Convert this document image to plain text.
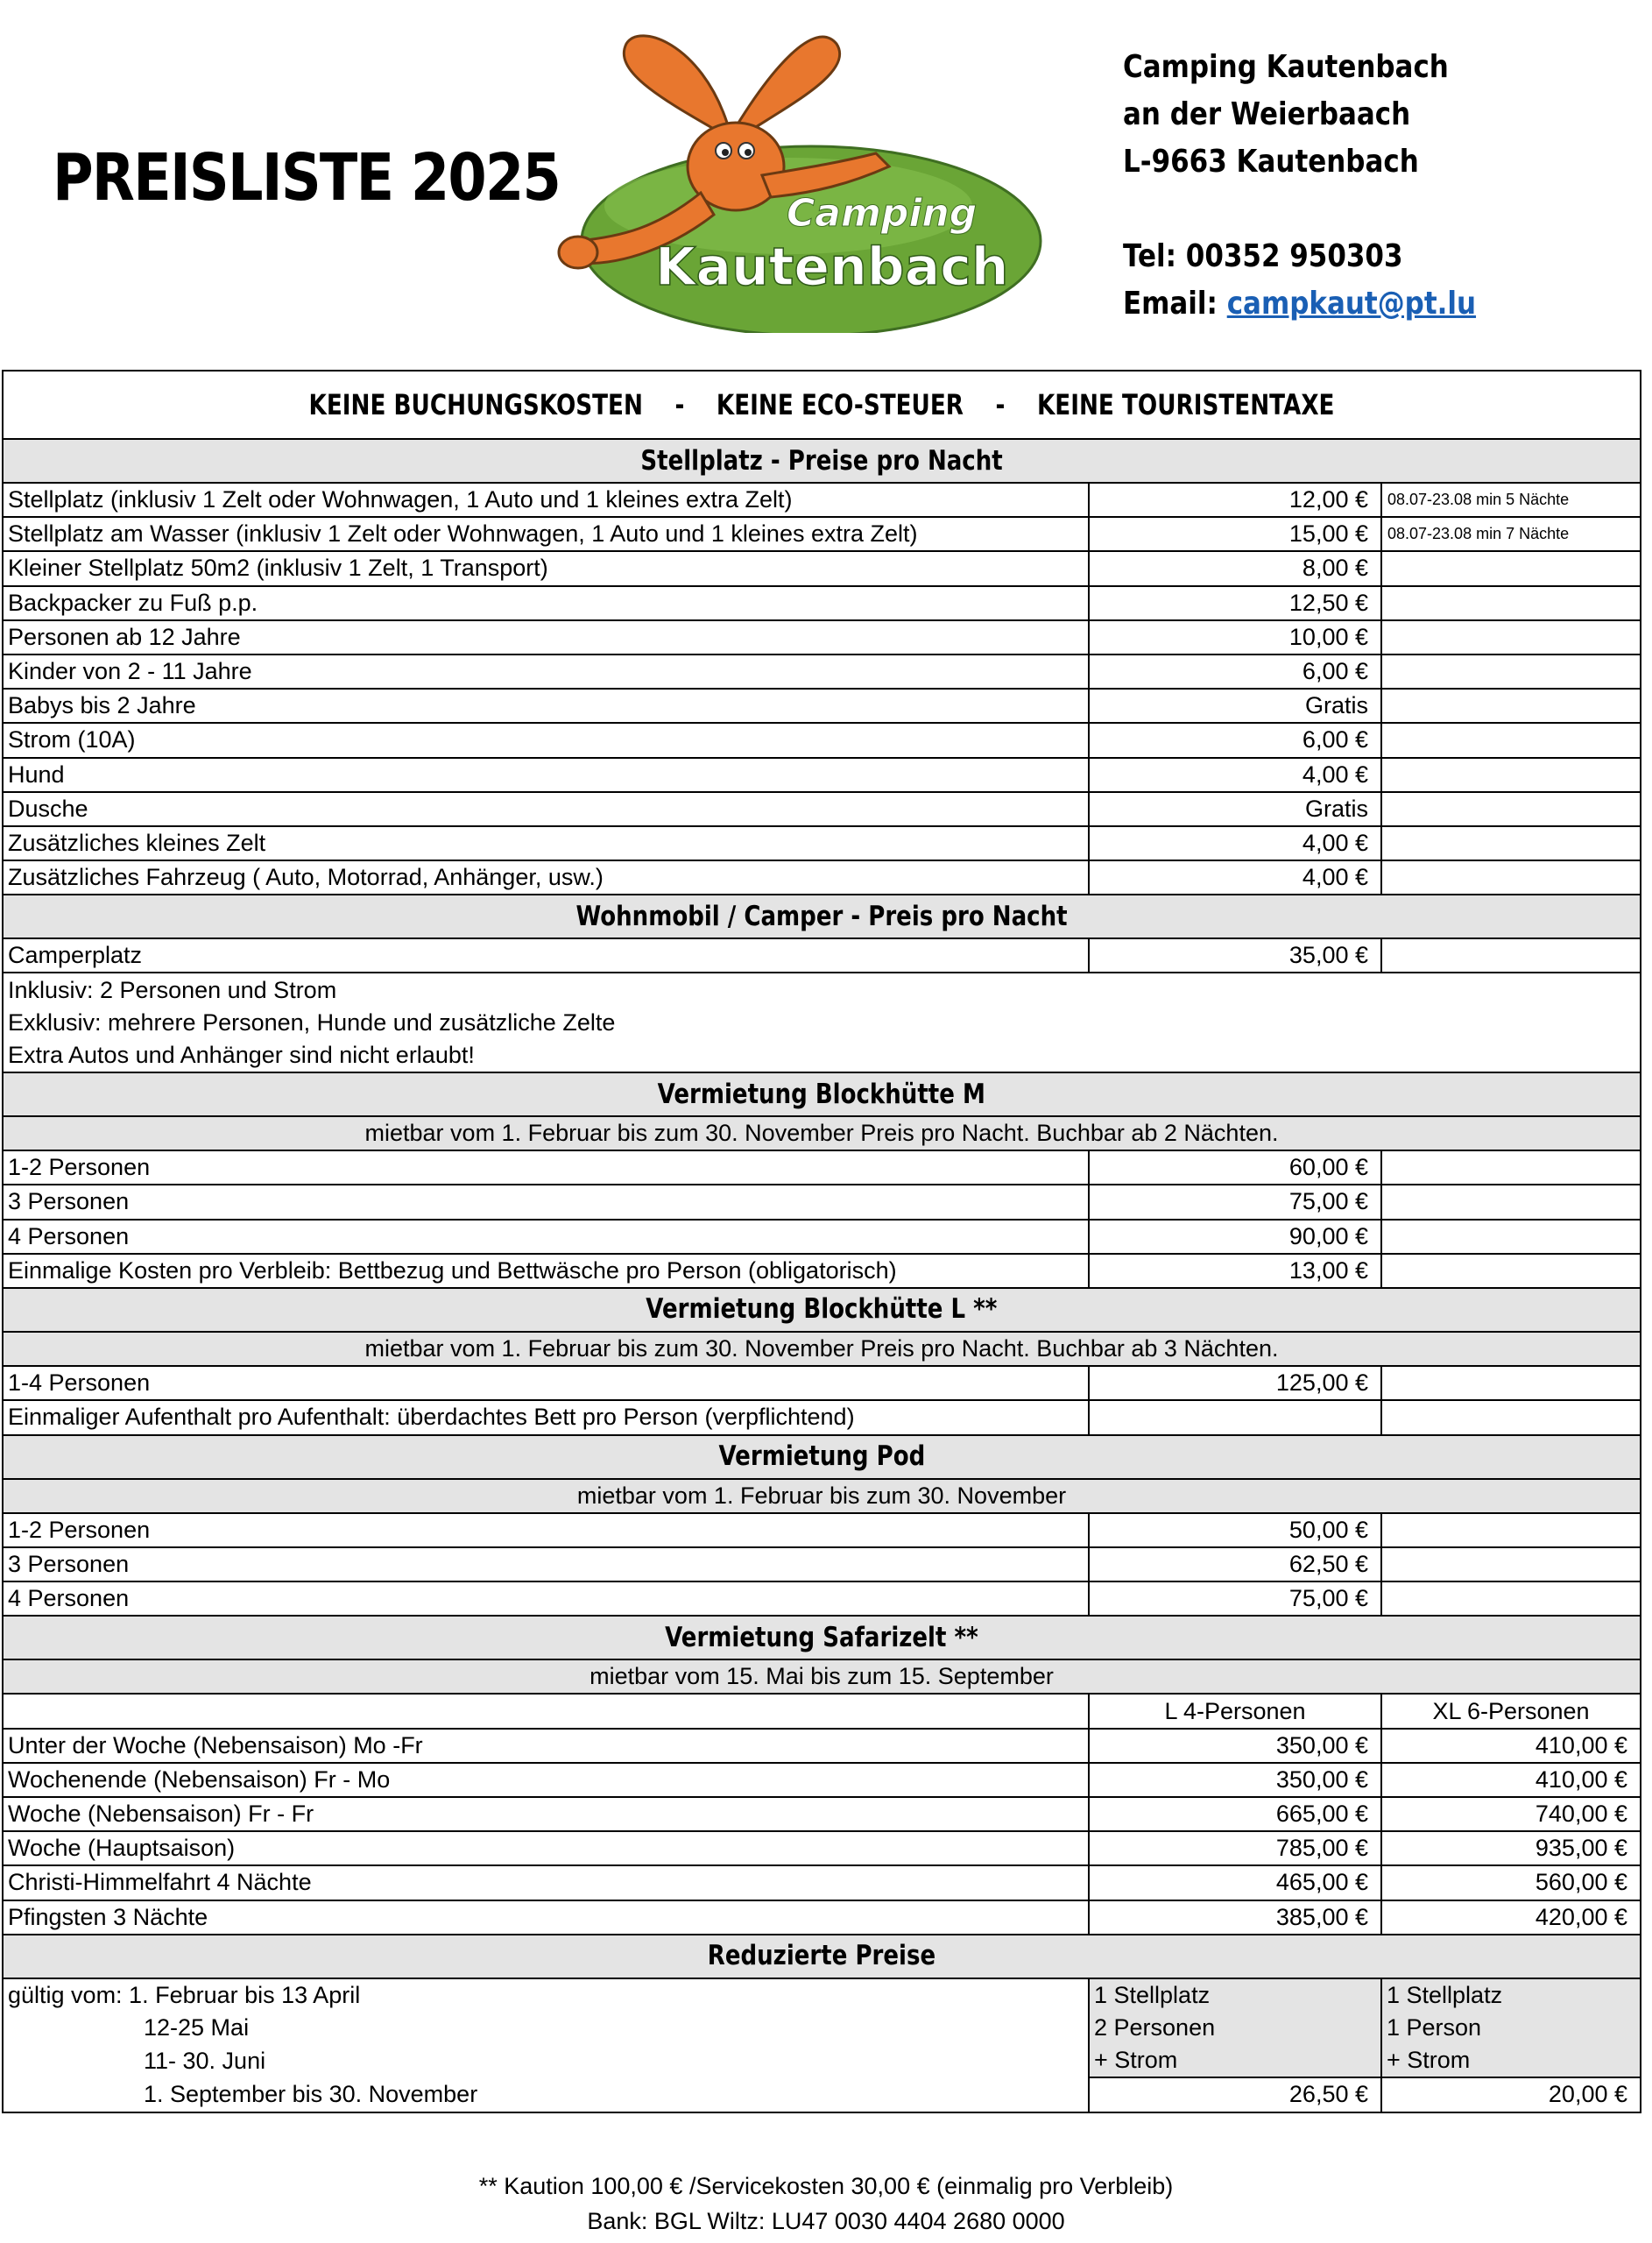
PREISLISTE 2025	Camping
Kautenbach
Camping Kautenbach
an der Weierbaach
L-9663 Kautenbach
Tel: 00352 950303
Email: campkaut@pt.lu
KEINE BUCHUNGSKOSTEN    -    KEINE ECO-STEUER    -    KEINE TOURISTENTAXE		
Stellplatz - Preise pro Nacht		
Stellplatz (inklusiv 1 Zelt oder Wohnwagen, 1 Auto und 1 kleines extra Zelt)	12,00 €	08.07-23.08 min 5 Nächte
Stellplatz am Wasser (inklusiv 1 Zelt oder Wohnwagen, 1 Auto und 1 kleines extra Zelt)	15,00 €	08.07-23.08 min 7 Nächte
Kleiner Stellplatz 50m2 (inklusiv 1 Zelt, 1 Transport)	8,00 €	
Backpacker zu Fuß p.p.	12,50 €	
Personen ab 12 Jahre	10,00 €	
Kinder von 2 - 11 Jahre	6,00 €	
Babys bis 2 Jahre	Gratis	
Strom (10A)	6,00 €	
Hund	4,00 €	
Dusche	Gratis	
Zusätzliches kleines Zelt	4,00 €	
Zusätzliches Fahrzeug ( Auto, Motorrad, Anhänger, usw.)	4,00 €	
Wohnmobil / Camper - Preis pro Nacht		
Camperplatz	35,00 €	
Inklusiv: 2 Personen und Strom		
Exklusiv: mehrere Personen, Hunde und zusätzliche Zelte		
Extra Autos und Anhänger sind nicht erlaubt!		
Vermietung Blockhütte M		
mietbar vom 1. Februar bis zum 30. November Preis pro Nacht. Buchbar ab 2 Nächten.		
1-2 Personen	60,00 €	
3 Personen	75,00 €	
4 Personen	90,00 €	
Einmalige Kosten pro Verbleib: Bettbezug und Bettwäsche pro Person (obligatorisch)	13,00 €	
Vermietung Blockhütte L **		
mietbar vom 1. Februar bis zum 30. November Preis pro Nacht. Buchbar ab 3 Nächten.		
1-4 Personen	125,00 €	
Einmaliger Aufenthalt pro Aufenthalt: überdachtes Bett pro Person (verpflichtend)		
Vermietung Pod		
mietbar vom 1. Februar bis zum 30. November		
1-2 Personen	50,00 €	
3 Personen	62,50 €	
4 Personen	75,00 €	
Vermietung Safarizelt **		
mietbar vom 15. Mai bis zum 15. September		
	L 4-Personen	XL 6-Personen
Unter der Woche (Nebensaison) Mo -Fr	350,00 €	410,00 €
Wochenende (Nebensaison) Fr - Mo	350,00 €	410,00 €
Woche (Nebensaison) Fr - Fr	665,00 €	740,00 €
Woche (Hauptsaison)	785,00 €	935,00 €
Christi-Himmelfahrt 4 Nächte	465,00 €	560,00 €
Pfingsten 3 Nächte	385,00 €	420,00 €
Reduzierte Preise		
gültig vom: 1. Februar bis 13 April	1 Stellplatz	1 Stellplatz
12-25 Mai	2 Personen	1 Person
11- 30. Juni	+ Strom	+ Strom
1. September bis 30. November	26,50 €	20,00 €
** Kaution 100,00 € /Servicekosten 30,00 € (einmalig pro Verbleib)
Bank: BGL Wiltz: LU47 0030 4404 2680 0000
